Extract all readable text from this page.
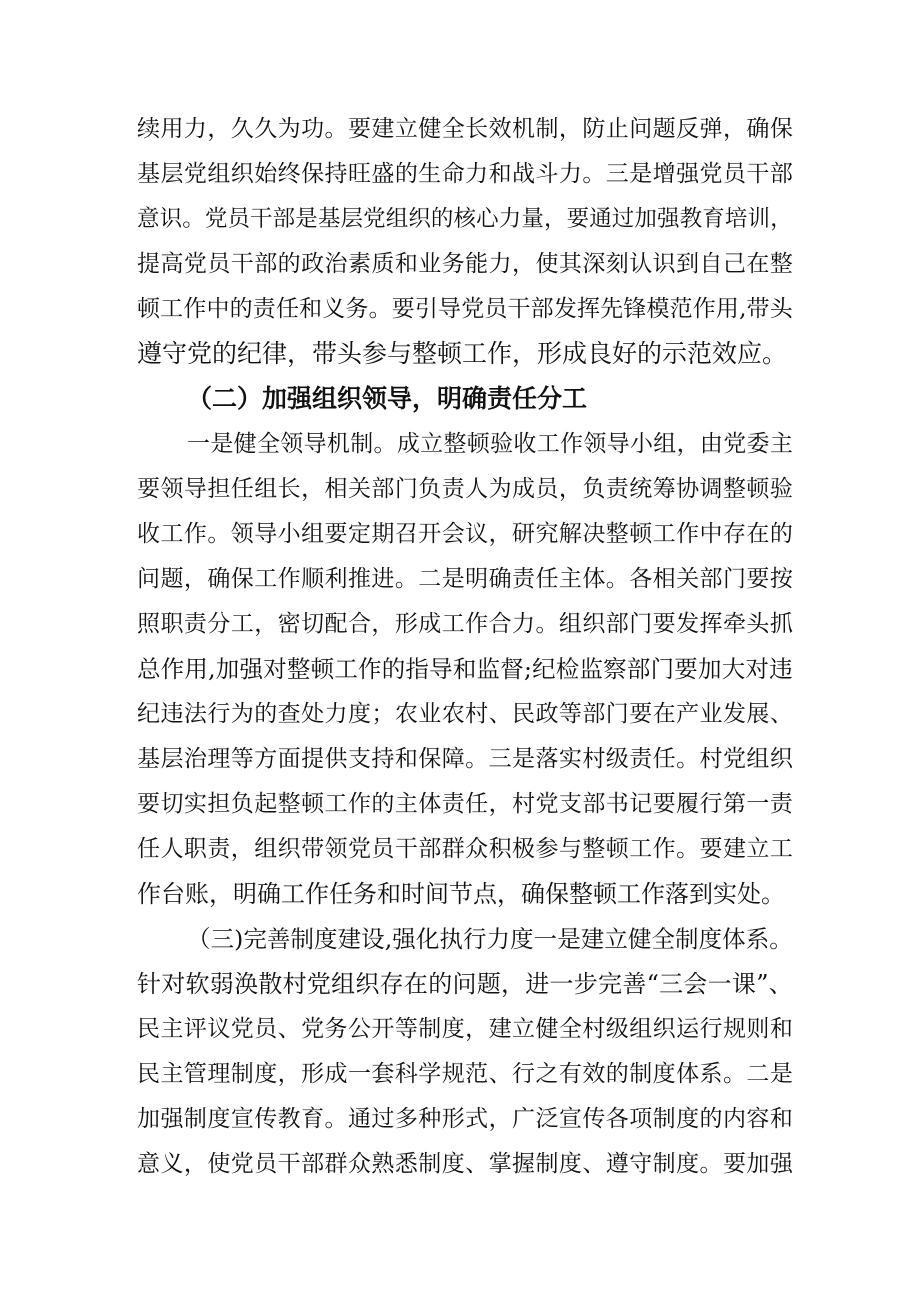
续 用 力 ， 久 久 为 功 。 要 建 立 健 全 长 效 机 制 ， 防 止 问 题 反 弹 ， 确 保
基 层 党 组 织 始 终 保 持 旺 盛 的 生 命 力 和 战 斗 力 。 三 是 增 强 党 员 干 部
意 识 。 党 员 干 部 是 基 层 党 组 织 的 核 心 力 量 ， 要 通 过 加 强 教 育 培 训 ，
提 高 党 员 干 部 的 政 治 素 质 和 业 务 能 力 ， 使 其 深 刻 认 识 到 自 己 在 整
顿 工 作 中 的 责 任 和 义 务 。 要 引 导 党 员 干 部 发 挥 先 锋 模 范 作 用 , 带 头
遵守党的纪律，带头参与整顿工作，形成良好的示范效应。
（二）加强组织领导，明确责任分工
一 是 健 全 领 导 机 制 。 成 立 整 顿 验 收 工 作 领 导 小 组 ， 由 党 委 主
要 领 导 担 任 组 长 ， 相 关 部 门 负 责 人 为 成 员 ， 负 责 统 筹 协 调 整 顿 验
收 工 作 。 领 导 小 组 要 定 期 召 开 会 议 ， 研 究 解 决 整 顿 工 作 中 存 在 的
问 题 ， 确 保 工 作 顺 利 推 进 。 二 是 明 确 责 任 主 体 。 各 相 关 部 门 要 按
照 职 责 分 工 ， 密 切 配 合 ， 形 成 工 作 合 力 。 组 织 部 门 要 发 挥 牵 头 抓
总 作 用 , 加 强 对 整 顿 工 作 的 指 导 和 监 督 ; 纪 检 监 察 部 门 要 加 大 对 违
纪 违 法 行 为 的 查 处 力 度 ； 农 业 农 村 、 民 政 等 部 门 要 在 产 业 发 展 、
基 层 治 理 等 方 面 提 供 支 持 和 保 障 。 三 是 落 实 村 级 责 任 。 村 党 组 织
要 切 实 担 负 起 整 顿 工 作 的 主 体 责 任 ， 村 党 支 部 书 记 要 履 行 第 一 责
任 人 职 责 ， 组 织 带 领 党 员 干 部 群 众 积 极 参 与 整 顿 工 作 。 要 建 立 工
作台账，明确工作任务和时间节点，确保整顿工作落到实处。
（ 三 ) 完 善 制 度 建 设 , 强 化 执 行 力 度 一 是 建 立 健 全 制 度 体 系 。
针 对 软 弱 涣 散 村 党 组 织 存 在 的 问 题 ， 进 一 步 完 善 “ 三 会 一 课 ” 、
民 主 评 议 党 员 、 党 务 公 开 等 制 度 ， 建 立 健 全 村 级 组 织 运 行 规 则 和
民 主 管 理 制 度 ， 形 成 一 套 科 学 规 范 、 行 之 有 效 的 制 度 体 系 。 二 是
加 强 制 度 宣 传 教 育 。 通 过 多 种 形 式 ， 广 泛 宣 传 各 项 制 度 的 内 容 和
意 义 ， 使 党 员 干 部 群 众 熟 悉 制 度 、 掌 握 制 度 、 遵 守 制 度 。 要 加 强
